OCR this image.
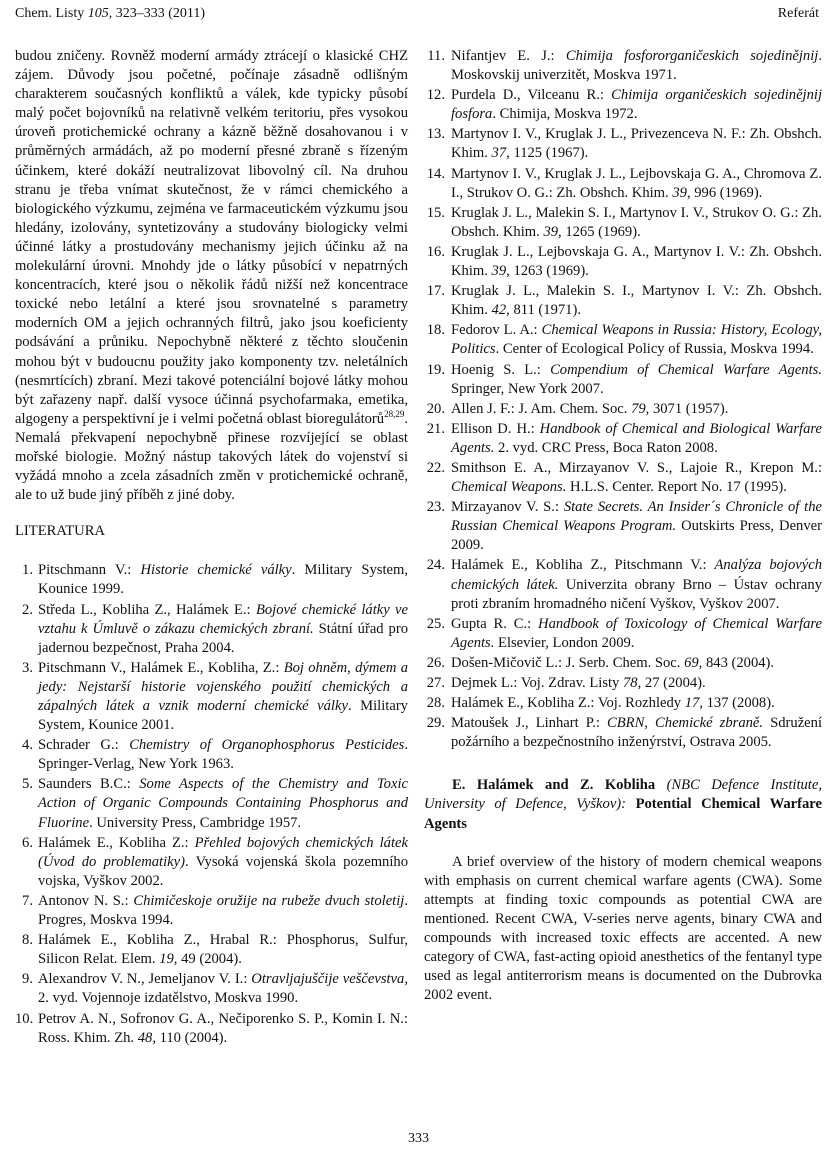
Chem. Listy 105, 323–333 (2011)	Referát

budou zničeny. Rovněž moderní armády ztrácejí o klasické CHZ zájem. Důvody jsou početné, počínaje zásadně odlišným charakterem současných konfliktů a válek, kde typicky působí malý počet bojovníků na relativně velkém teritoriu, přes vysokou úroveň protichemické ochrany a kázně běžně dosahovanou i v průměrných armádách, až po moderní přesné zbraně s řízeným účinkem, které dokáží neutralizovat libovolný cíl. Na druhou stranu je třeba vnímat skutečnost, že v rámci chemického a biologického výzkumu, zejména ve farmaceutickém výzkumu jsou hledány, izolovány, syntetizovány a studovány biologicky velmi účinné látky a prostudovány mechanismy jejich účinku až na molekulární úrovni. Mnohdy jde o látky působící v nepatrných koncentracích, které jsou o několik řádů nižší než koncentrace toxické nebo letální a které jsou srovnatelné s parametry moderních OM a jejich ochranných filtrů, jako jsou koeficienty podsávání a průniku. Nepochybně některé z těchto sloučenin mohou být v budoucnu použity jako komponenty tzv. neletálních (nesmrtících) zbraní. Mezi takové potenciální bojové látky mohou být zařazeny např. další vysoce účinná psychofarmaka, emetika, algogeny a perspektivní je i velmi početná oblast bioregulátorů$^{28,29}$. Nemalá překvapení nepochybně přinese rozvíjející se oblast mořské biologie. Možný nástup takových látek do vojenství si vyžádá mnoho a zcela zásadních změn v protichemické ochraně, ale to už bude jiný příběh z jiné doby.

LITERATURA

1. Pitschmann V.: Historie chemické války. Military System, Kounice 1999.
2. Středa L., Kobliha Z., Halámek E.: Bojové chemické látky ve vztahu k Úmluvě o zákazu chemických zbraní. Státní úřad pro jadernou bezpečnost, Praha 2004.
3. Pitschmann V., Halámek E., Kobliha, Z.: Boj ohněm, dýmem a jedy: Nejstarší historie vojenského použití chemických a zápalných látek a vznik moderní chemické války. Military System, Kounice 2001.
4. Schrader G.: Chemistry of Organophosphorus Pesticides. Springer-Verlag, New York 1963.
5. Saunders B.C.: Some Aspects of the Chemistry and Toxic Action of Organic Compounds Containing Phosphorus and Fluorine. University Press, Cambridge 1957.
6. Halámek E., Kobliha Z.: Přehled bojových chemických látek (Úvod do problematiky). Vysoká vojenská škola pozemního vojska, Vyškov 2002.
7. Antonov N. S.: Chimičeskoje oružije na rubeže dvuch stoletij. Progres, Moskva 1994.
8. Halámek E., Kobliha Z., Hrabal R.: Phosphorus, Sulfur, Silicon Relat. Elem. 19, 49 (2004).
9. Alexandrov V. N., Jemeljanov V. I.: Otravljajuščije veščevstva, 2. vyd. Vojennoje izdatělstvo, Moskva 1990.
10. Petrov A. N., Sofronov G. A., Nečiporenko S. P., Komin I. N.: Ross. Khim. Zh. 48, 110 (2004).
11. Nifantjev E. J.: Chimija fosfororganičeskich sojedinějnij. Moskovskij univerzitět, Moskva 1971.
12. Purdela D., Vilceanu R.: Chimija organičeskich sojedinějnij fosfora. Chimija, Moskva 1972.
13. Martynov I. V., Kruglak J. L., Privezenceva N. F.: Zh. Obshch. Khim. 37, 1125 (1967).
14. Martynov I. V., Kruglak J. L., Lejbovskaja G. A., Chromova Z. I., Strukov O. G.: Zh. Obshch. Khim. 39, 996 (1969).
15. Kruglak J. L., Malekin S. I., Martynov I. V., Strukov O. G.: Zh. Obshch. Khim. 39, 1265 (1969).
16. Kruglak J. L., Lejbovskaja G. A., Martynov I. V.: Zh. Obshch. Khim. 39, 1263 (1969).
17. Kruglak J. L., Malekin S. I., Martynov I. V.: Zh. Obshch. Khim. 42, 811 (1971).
18. Fedorov L. A.: Chemical Weapons in Russia: History, Ecology, Politics. Center of Ecological Policy of Russia, Moskva 1994.
19. Hoenig S. L.: Compendium of Chemical Warfare Agents. Springer, New York 2007.
20. Allen J. F.: J. Am. Chem. Soc. 79, 3071 (1957).
21. Ellison D. H.: Handbook of Chemical and Biological Warfare Agents. 2. vyd. CRC Press, Boca Raton 2008.
22. Smithson E. A., Mirzayanov V. S., Lajoie R., Krepon M.: Chemical Weapons. H.L.S. Center. Report No. 17 (1995).
23. Mirzayanov V. S.: State Secrets. An Insider´s Chronicle of the Russian Chemical Weapons Program. Outskirts Press, Denver 2009.
24. Halámek E., Kobliha Z., Pitschmann V.: Analýza bojových chemických látek. Univerzita obrany Brno – Ústav ochrany proti zbraním hromadného ničení Vyškov, Vyškov 2007.
25. Gupta R. C.: Handbook of Toxicology of Chemical Warfare Agents. Elsevier, London 2009.
26. Došen-Mičovič L.: J. Serb. Chem. Soc. 69, 843 (2004).
27. Dejmek L.: Voj. Zdrav. Listy 78, 27 (2004).
28. Halámek E., Kobliha Z.: Voj. Rozhledy 17, 137 (2008).
29. Matoušek J., Linhart P.: CBRN, Chemické zbraně. Sdružení požárního a bezpečnostního inženýrství, Ostrava 2005.

E. Halámek and Z. Kobliha (NBC Defence Institute, University of Defence, Vyškov): Potential Chemical Warfare Agents

A brief overview of the history of modern chemical weapons with emphasis on current chemical warfare agents (CWA). Some attempts at finding toxic compounds as potential CWA are mentioned. Recent CWA, V-series nerve agents, binary CWA and compounds with increased toxic effects are accented. A new category of CWA, fast-acting opioid anesthetics of the fentanyl type used as legal antiterrorism means is documented on the Dubrovka 2002 event.

333
